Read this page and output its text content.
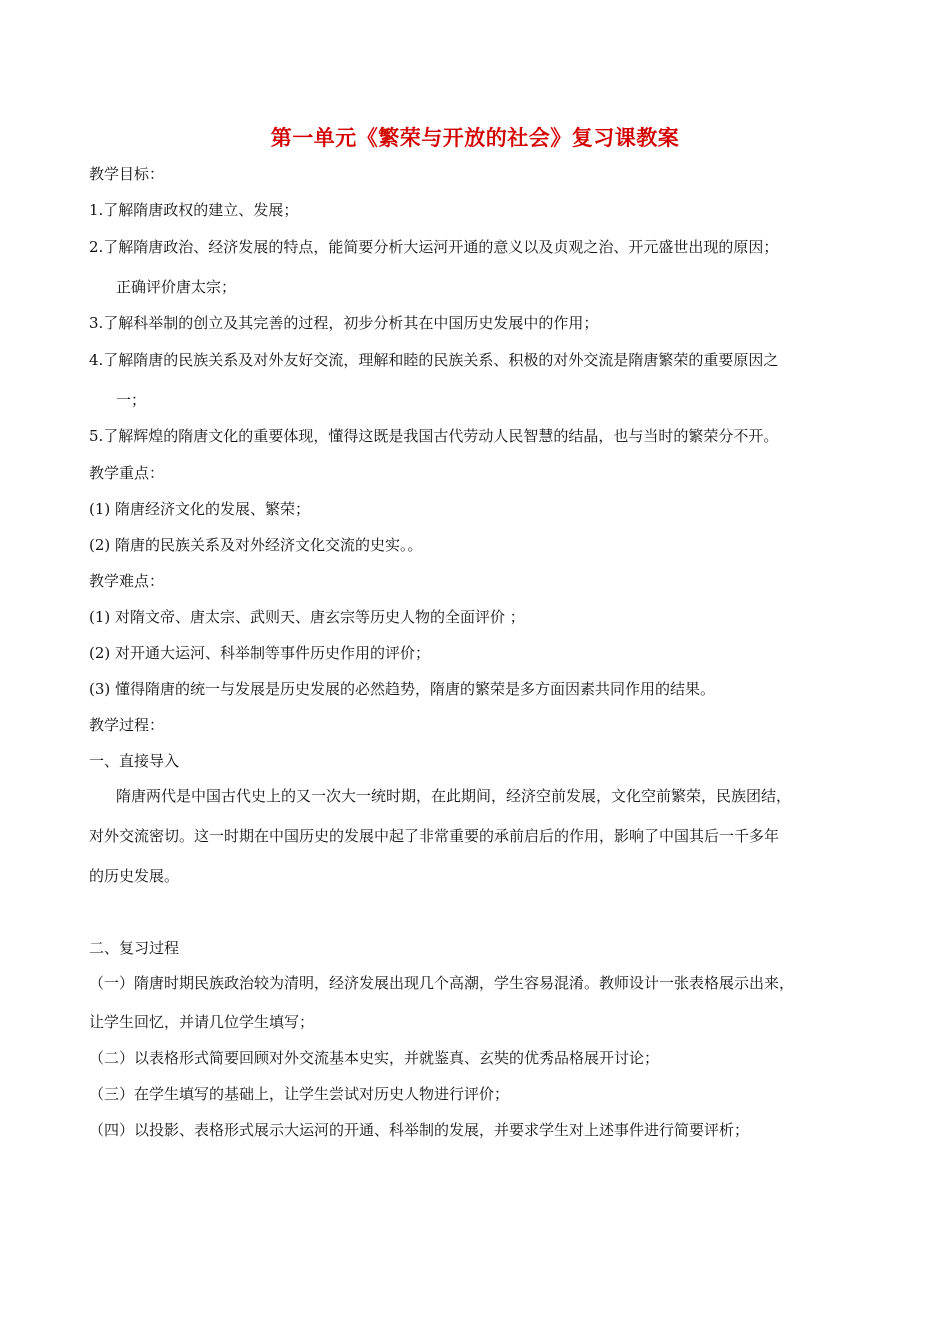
第一单元《繁荣与开放的社会》复习课教案
教学目标：
1.了解隋唐政权的建立、发展；
2.了解隋唐政治、经济发展的特点，能简要分析大运河开通的意义以及贞观之治、开元盛世出现的原因；
正确评价唐太宗；
3.了解科举制的创立及其完善的过程，初步分析其在中国历史发展中的作用；
4.了解隋唐的民族关系及对外友好交流，理解和睦的民族关系、积极的对外交流是隋唐繁荣的重要原因之
一；
5.了解辉煌的隋唐文化的重要体现，懂得这既是我国古代劳动人民智慧的结晶，也与当时的繁荣分不开。
教学重点：
(1) 隋唐经济文化的发展、繁荣；
(2) 隋唐的民族关系及对外经济文化交流的史实。。
教学难点：
(1) 对隋文帝、唐太宗、武则天、唐玄宗等历史人物的全面评价 ；
(2) 对开通大运河、科举制等事件历史作用的评价；
(3) 懂得隋唐的统一与发展是历史发展的必然趋势，隋唐的繁荣是多方面因素共同作用的结果。
教学过程：
一、直接导入
隋唐两代是中国古代史上的又一次大一统时期，在此期间，经济空前发展，文化空前繁荣，民族团结，
对外交流密切。这一时期在中国历史的发展中起了非常重要的承前启后的作用，影响了中国其后一千多年
的历史发展。
二、复习过程
（一）隋唐时期民族政治较为清明，经济发展出现几个高潮，学生容易混淆。教师设计一张表格展示出来，
让学生回忆，并请几位学生填写；
（二）以表格形式简要回顾对外交流基本史实，并就鉴真、玄奘的优秀品格展开讨论；
（三）在学生填写的基础上，让学生尝试对历史人物进行评价；
（四）以投影、表格形式展示大运河的开通、科举制的发展，并要求学生对上述事件进行简要评析；
